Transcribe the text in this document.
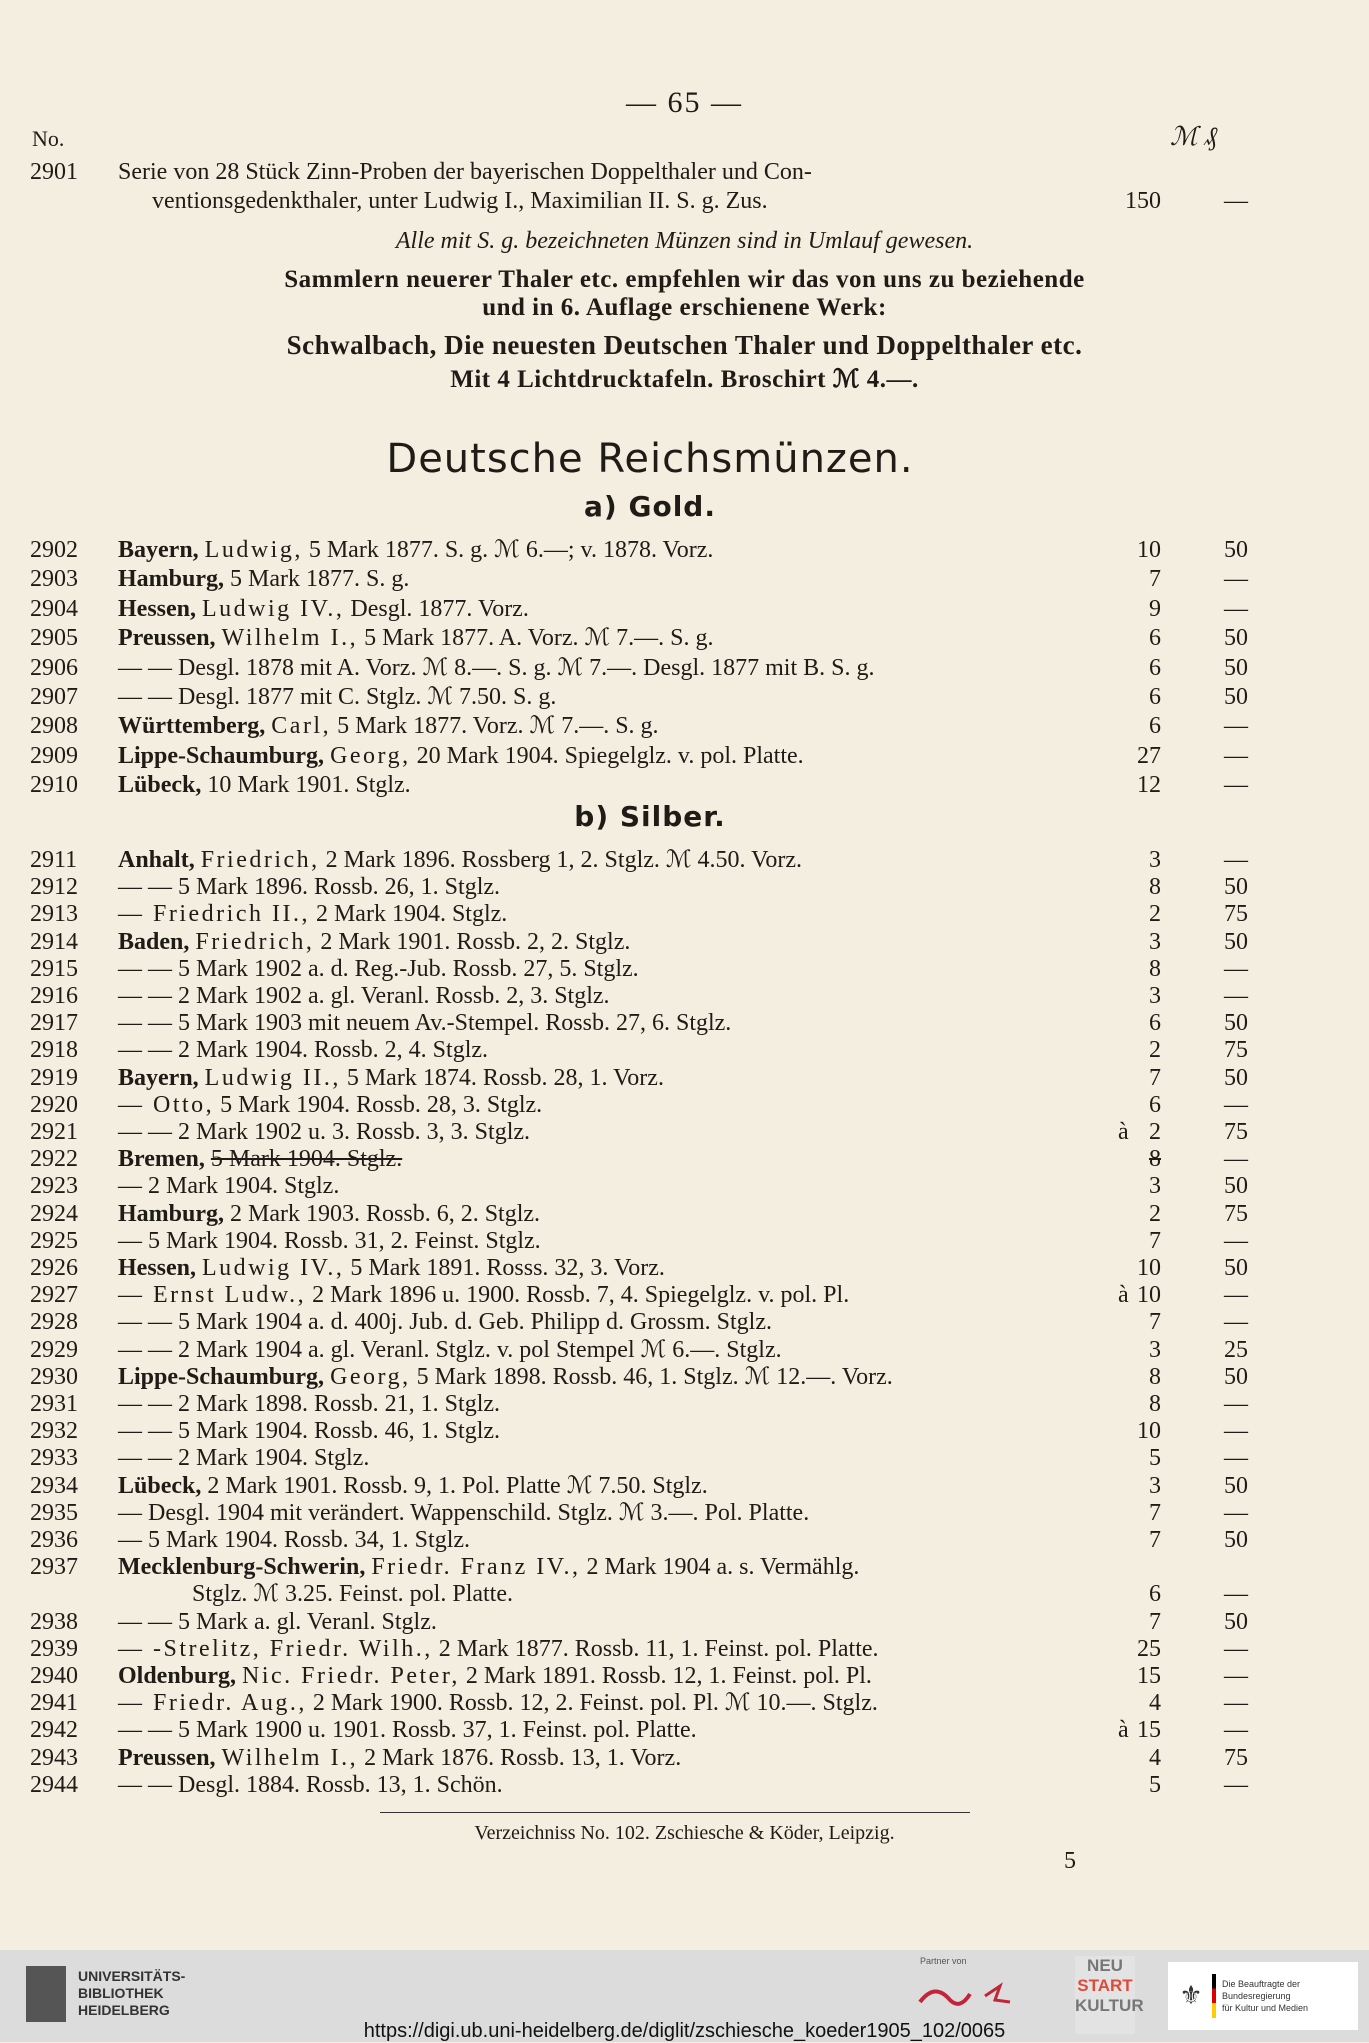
— 65 —
No.	ℳ ₰
2901	Serie von 28 Stück Zinn-Proben der bayerischen Doppelthaler und Con-
ventionsgedenkthaler, unter Ludwig I., Maximilian II. S. g. Zus.	150	—
Alle mit S. g. bezeichneten Münzen sind in Umlauf gewesen.
Sammlern neuerer Thaler etc. empfehlen wir das von uns zu beziehende
und in 6. Auflage erschienene Werk:
Schwalbach, Die neuesten Deutschen Thaler und Doppelthaler etc.
Mit 4 Lichtdrucktafeln. Broschirt ℳ 4.—.
Deutsche Reichsmünzen.
a) Gold.
2902	Bayern, Ludwig, 5 Mark 1877. S. g. ℳ 6.—; v. 1878. Vorz.	10	50
2903	Hamburg, 5 Mark 1877. S. g.	7	—
2904	Hessen, Ludwig IV., Desgl. 1877. Vorz.	9	—
2905	Preussen, Wilhelm I., 5 Mark 1877. A. Vorz. ℳ 7.—. S. g.	6	50
2906	— — Desgl. 1878 mit A. Vorz. ℳ 8.—. S. g. ℳ 7.—. Desgl. 1877 mit B. S. g.	6	50
2907	— — Desgl. 1877 mit C. Stglz. ℳ 7.50. S. g.	6	50
2908	Württemberg, Carl, 5 Mark 1877. Vorz. ℳ 7.—. S. g.	6	—
2909	Lippe-Schaumburg, Georg, 20 Mark 1904. Spiegelglz. v. pol. Platte.	27	—
2910	Lübeck, 10 Mark 1901. Stglz.	12	—
b) Silber.
2911	Anhalt, Friedrich, 2 Mark 1896. Rossberg 1, 2. Stglz. ℳ 4.50. Vorz.	3	—
2912	— — 5 Mark 1896. Rossb. 26, 1. Stglz.	8	50
2913	— Friedrich II., 2 Mark 1904. Stglz.	2	75
2914	Baden, Friedrich, 2 Mark 1901. Rossb. 2, 2. Stglz.	3	50
2915	— — 5 Mark 1902 a. d. Reg.-Jub. Rossb. 27, 5. Stglz.	8	—
2916	— — 2 Mark 1902 a. gl. Veranl. Rossb. 2, 3. Stglz.	3	—
2917	— — 5 Mark 1903 mit neuem Av.-Stempel. Rossb. 27, 6. Stglz.	6	50
2918	— — 2 Mark 1904. Rossb. 2, 4. Stglz.	2	75
2919	Bayern, Ludwig II., 5 Mark 1874. Rossb. 28, 1. Vorz.	7	50
2920	— Otto, 5 Mark 1904. Rossb. 28, 3. Stglz.	6	—
2921	— — 2 Mark 1902 u. 3. Rossb. 3, 3. Stglz.	à 2	75
2922	Bremen, 5 Mark 1904. Stglz.	8	—
2923	— 2 Mark 1904. Stglz.	3	50
2924	Hamburg, 2 Mark 1903. Rossb. 6, 2. Stglz.	2	75
2925	— 5 Mark 1904. Rossb. 31, 2. Feinst. Stglz.	7	—
2926	Hessen, Ludwig IV., 5 Mark 1891. Rosss. 32, 3. Vorz.	10	50
2927	— Ernst Ludw., 2 Mark 1896 u. 1900. Rossb. 7, 4. Spiegelglz. v. pol. Pl.	à 10	—
2928	— — 5 Mark 1904 a. d. 400j. Jub. d. Geb. Philipp d. Grossm. Stglz.	7	—
2929	— — 2 Mark 1904 a. gl. Veranl. Stglz. v. pol Stempel ℳ 6.—. Stglz.	3	25
2930	Lippe-Schaumburg, Georg, 5 Mark 1898. Rossb. 46, 1. Stglz. ℳ 12.—. Vorz.	8	50
2931	— — 2 Mark 1898. Rossb. 21, 1. Stglz.	8	—
2932	— — 5 Mark 1904. Rossb. 46, 1. Stglz.	10	—
2933	— — 2 Mark 1904. Stglz.	5	—
2934	Lübeck, 2 Mark 1901. Rossb. 9, 1. Pol. Platte ℳ 7.50. Stglz.	3	50
2935	— Desgl. 1904 mit verändert. Wappenschild. Stglz. ℳ 3.—. Pol. Platte.	7	—
2936	— 5 Mark 1904. Rossb. 34, 1. Stglz.	7	50
2937	Mecklenburg-Schwerin, Friedr. Franz IV., 2 Mark 1904 a. s. Vermählg.
Stglz. ℳ 3.25. Feinst. pol. Platte.	6	—
2938	— — 5 Mark a. gl. Veranl. Stglz.	7	50
2939	— -Strelitz, Friedr. Wilh., 2 Mark 1877. Rossb. 11, 1. Feinst. pol. Platte.	25	—
2940	Oldenburg, Nic. Friedr. Peter, 2 Mark 1891. Rossb. 12, 1. Feinst. pol. Pl.	15	—
2941	— Friedr. Aug., 2 Mark 1900. Rossb. 12, 2. Feinst. pol. Pl. ℳ 10.—. Stglz.	4	—
2942	— — 5 Mark 1900 u. 1901. Rossb. 37, 1. Feinst. pol. Platte.	à 15	—
2943	Preussen, Wilhelm I., 2 Mark 1876. Rossb. 13, 1. Vorz.	4	75
2944	— — Desgl. 1884. Rossb. 13, 1. Schön.	5	—
Verzeichniss No. 102. Zschiesche & Köder, Leipzig.
5
UNIVERSITÄTS-
BIBLIOTHEK
HEIDELBERG
Partner von	NEU
START
KULTUR ⚜	Die Beauftragte der Bundesregierung
für Kultur und Medien
https://digi.ub.uni-heidelberg.de/diglit/zschiesche_koeder1905_102/0065
